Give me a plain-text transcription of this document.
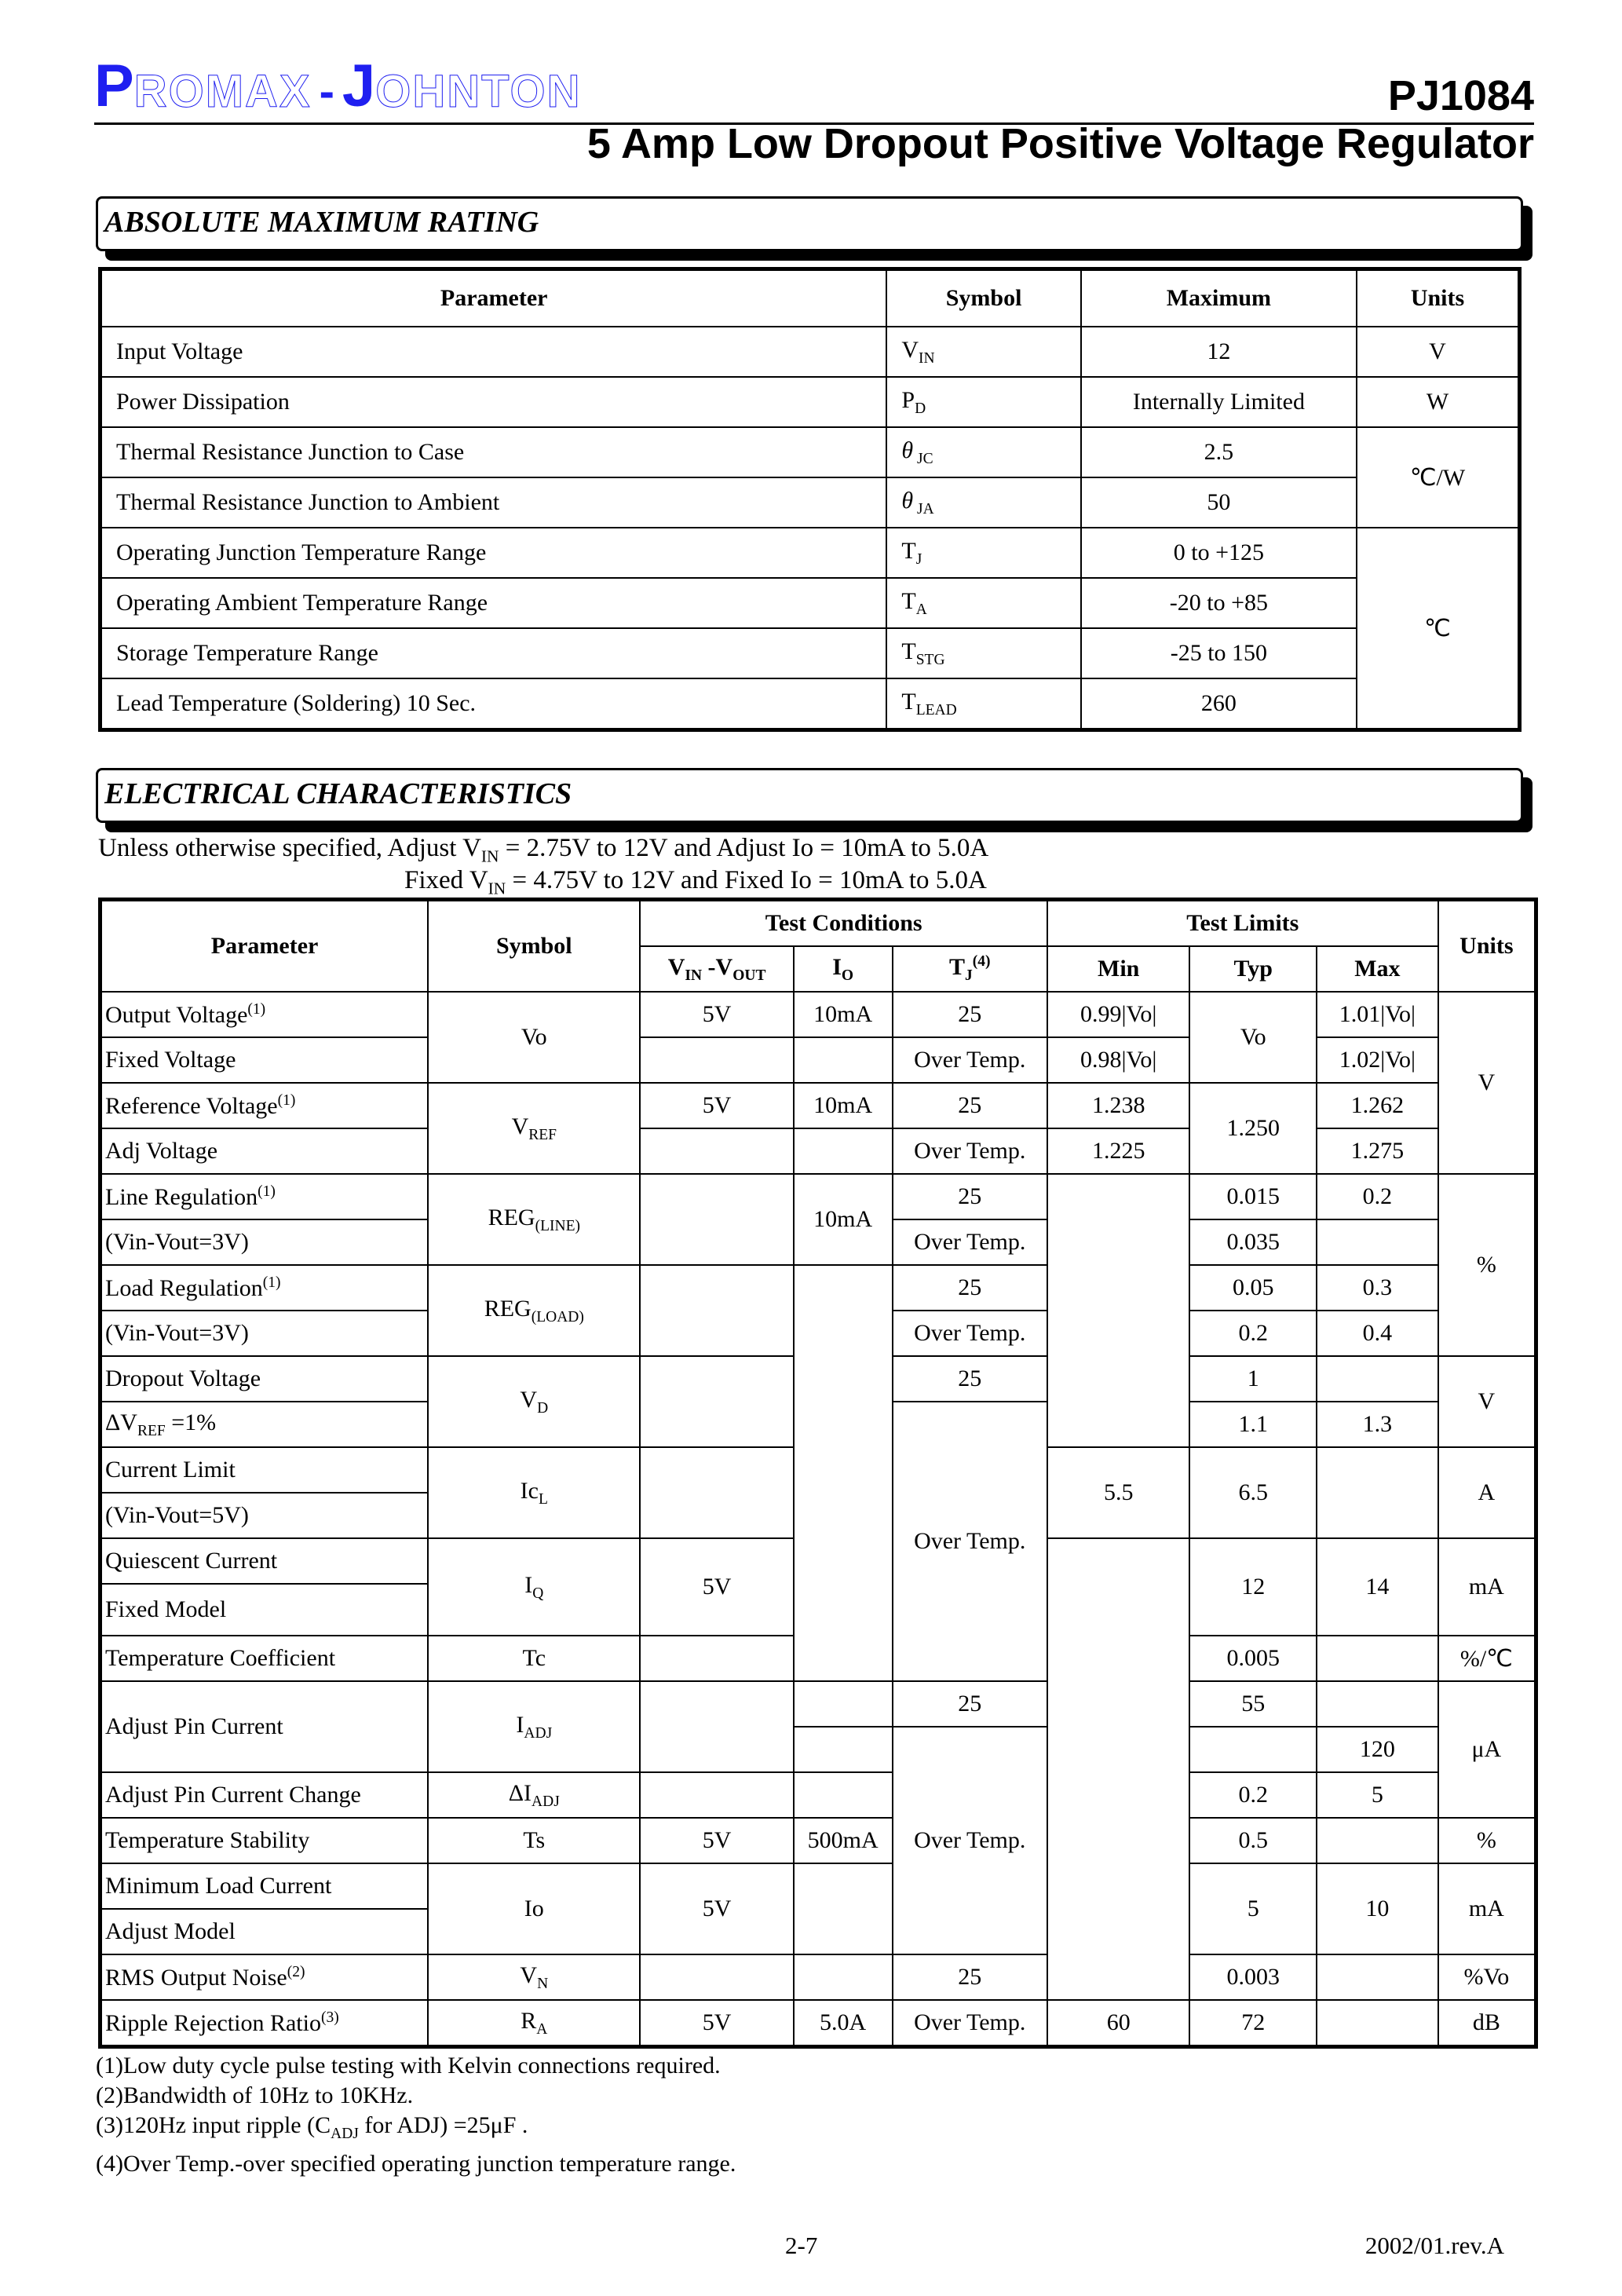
P ROMAX - J OHNTON	PJ1084
5 Amp Low Dropout Positive Voltage Regulator
ABSOLUTE MAXIMUM RATING
Parameter	Symbol	Maximum	Units
Input Voltage	$V_{IN}$	12	V
Power Dissipation	$P_D$	Internally Limited	W
Thermal Resistance Junction to Case	θ $_{JC}$	2.5	℃/W
Thermal Resistance Junction to Ambient	θ $_{JA}$	50	
Operating Junction Temperature Range	$T_J$	0 to +125	℃
Operating Ambient Temperature Range	$T_A$	-20 to +85	
Storage Temperature Range	$T_{STG}$	-25 to 150	
Lead Temperature (Soldering) 10 Sec.	$T_{LEAD}$	260	
ELECTRICAL CHARACTERISTICS
Unless otherwise specified, Adjust $V_{IN} = 2.75V$ to 12V and Adjust Io = 10mA to 5.0A
Fixed $V_{IN} = 4.75V$ to 12V and Fixed Io = 10mA to 5.0A
Parameter	Symbol	Test Conditions			Test Limits			Units
		$V_{IN}$ $-V_{OUT}$	$I_O$	$T_J^{(4)}$	Min	Typ	Max	
Output Voltage$^{(1)}$	Vo	5V	10mA	25	0.99|Vo|	Vo	1.01|Vo|	V
Fixed Voltage				Over Temp.	0.98|Vo|		1.02|Vo|	
Reference Voltage$^{(1)}$	$V_{REF}$	5V	10mA	25	1.238	1.250	1.262	
Adj Voltage				Over Temp.	1.225		1.275	
Line Regulation$^{(1)}$	$REG_{(LINE)}$		10mA	25		0.015	0.2	%
(Vin-Vout=3V)				Over Temp.		0.035		
Load Regulation$^{(1)}$	$REG_{(LOAD)}$			25		0.05	0.3	
(Vin-Vout=3V)				Over Temp.		0.2	0.4	
Dropout Voltage	$V_D$			25		1		V
$\Delta V_{REF} =1\%$				Over Temp.		1.1	1.3	
Current Limit	$Ic_L$				5.5	6.5		A
(Vin-Vout=5V)								
Quiescent Current	$I_Q$	5V				12	14	mA
Fixed Model								
Temperature Coefficient	Tc					0.005		%/℃
Adjust Pin Current	$I_{ADJ}$			25		55		μA
				Over Temp.			120	
Adjust Pin Current Change	$\Delta I_{ADJ}$					0.2	5	
Temperature Stability	Ts	5V	500mA			0.5		%
Minimum Load Current	Io	5V				5	10	mA
Adjust Model								
RMS Output Noise$^{(2)}$	$V_N$			25		0.003		%Vo
Ripple Rejection Ratio$^{(3)}$	$R_A$	5V	5.0A	Over Temp.	60	72		dB
(1)Low duty cycle pulse testing with Kelvin connections required.
(2)Bandwidth of 10Hz to 10KHz.
(3)120Hz input ripple ($C_{ADJ}$ for ADJ) =25μF .
(4)Over Temp.-over specified operating junction temperature range.
2-7	2002/01.rev.A
